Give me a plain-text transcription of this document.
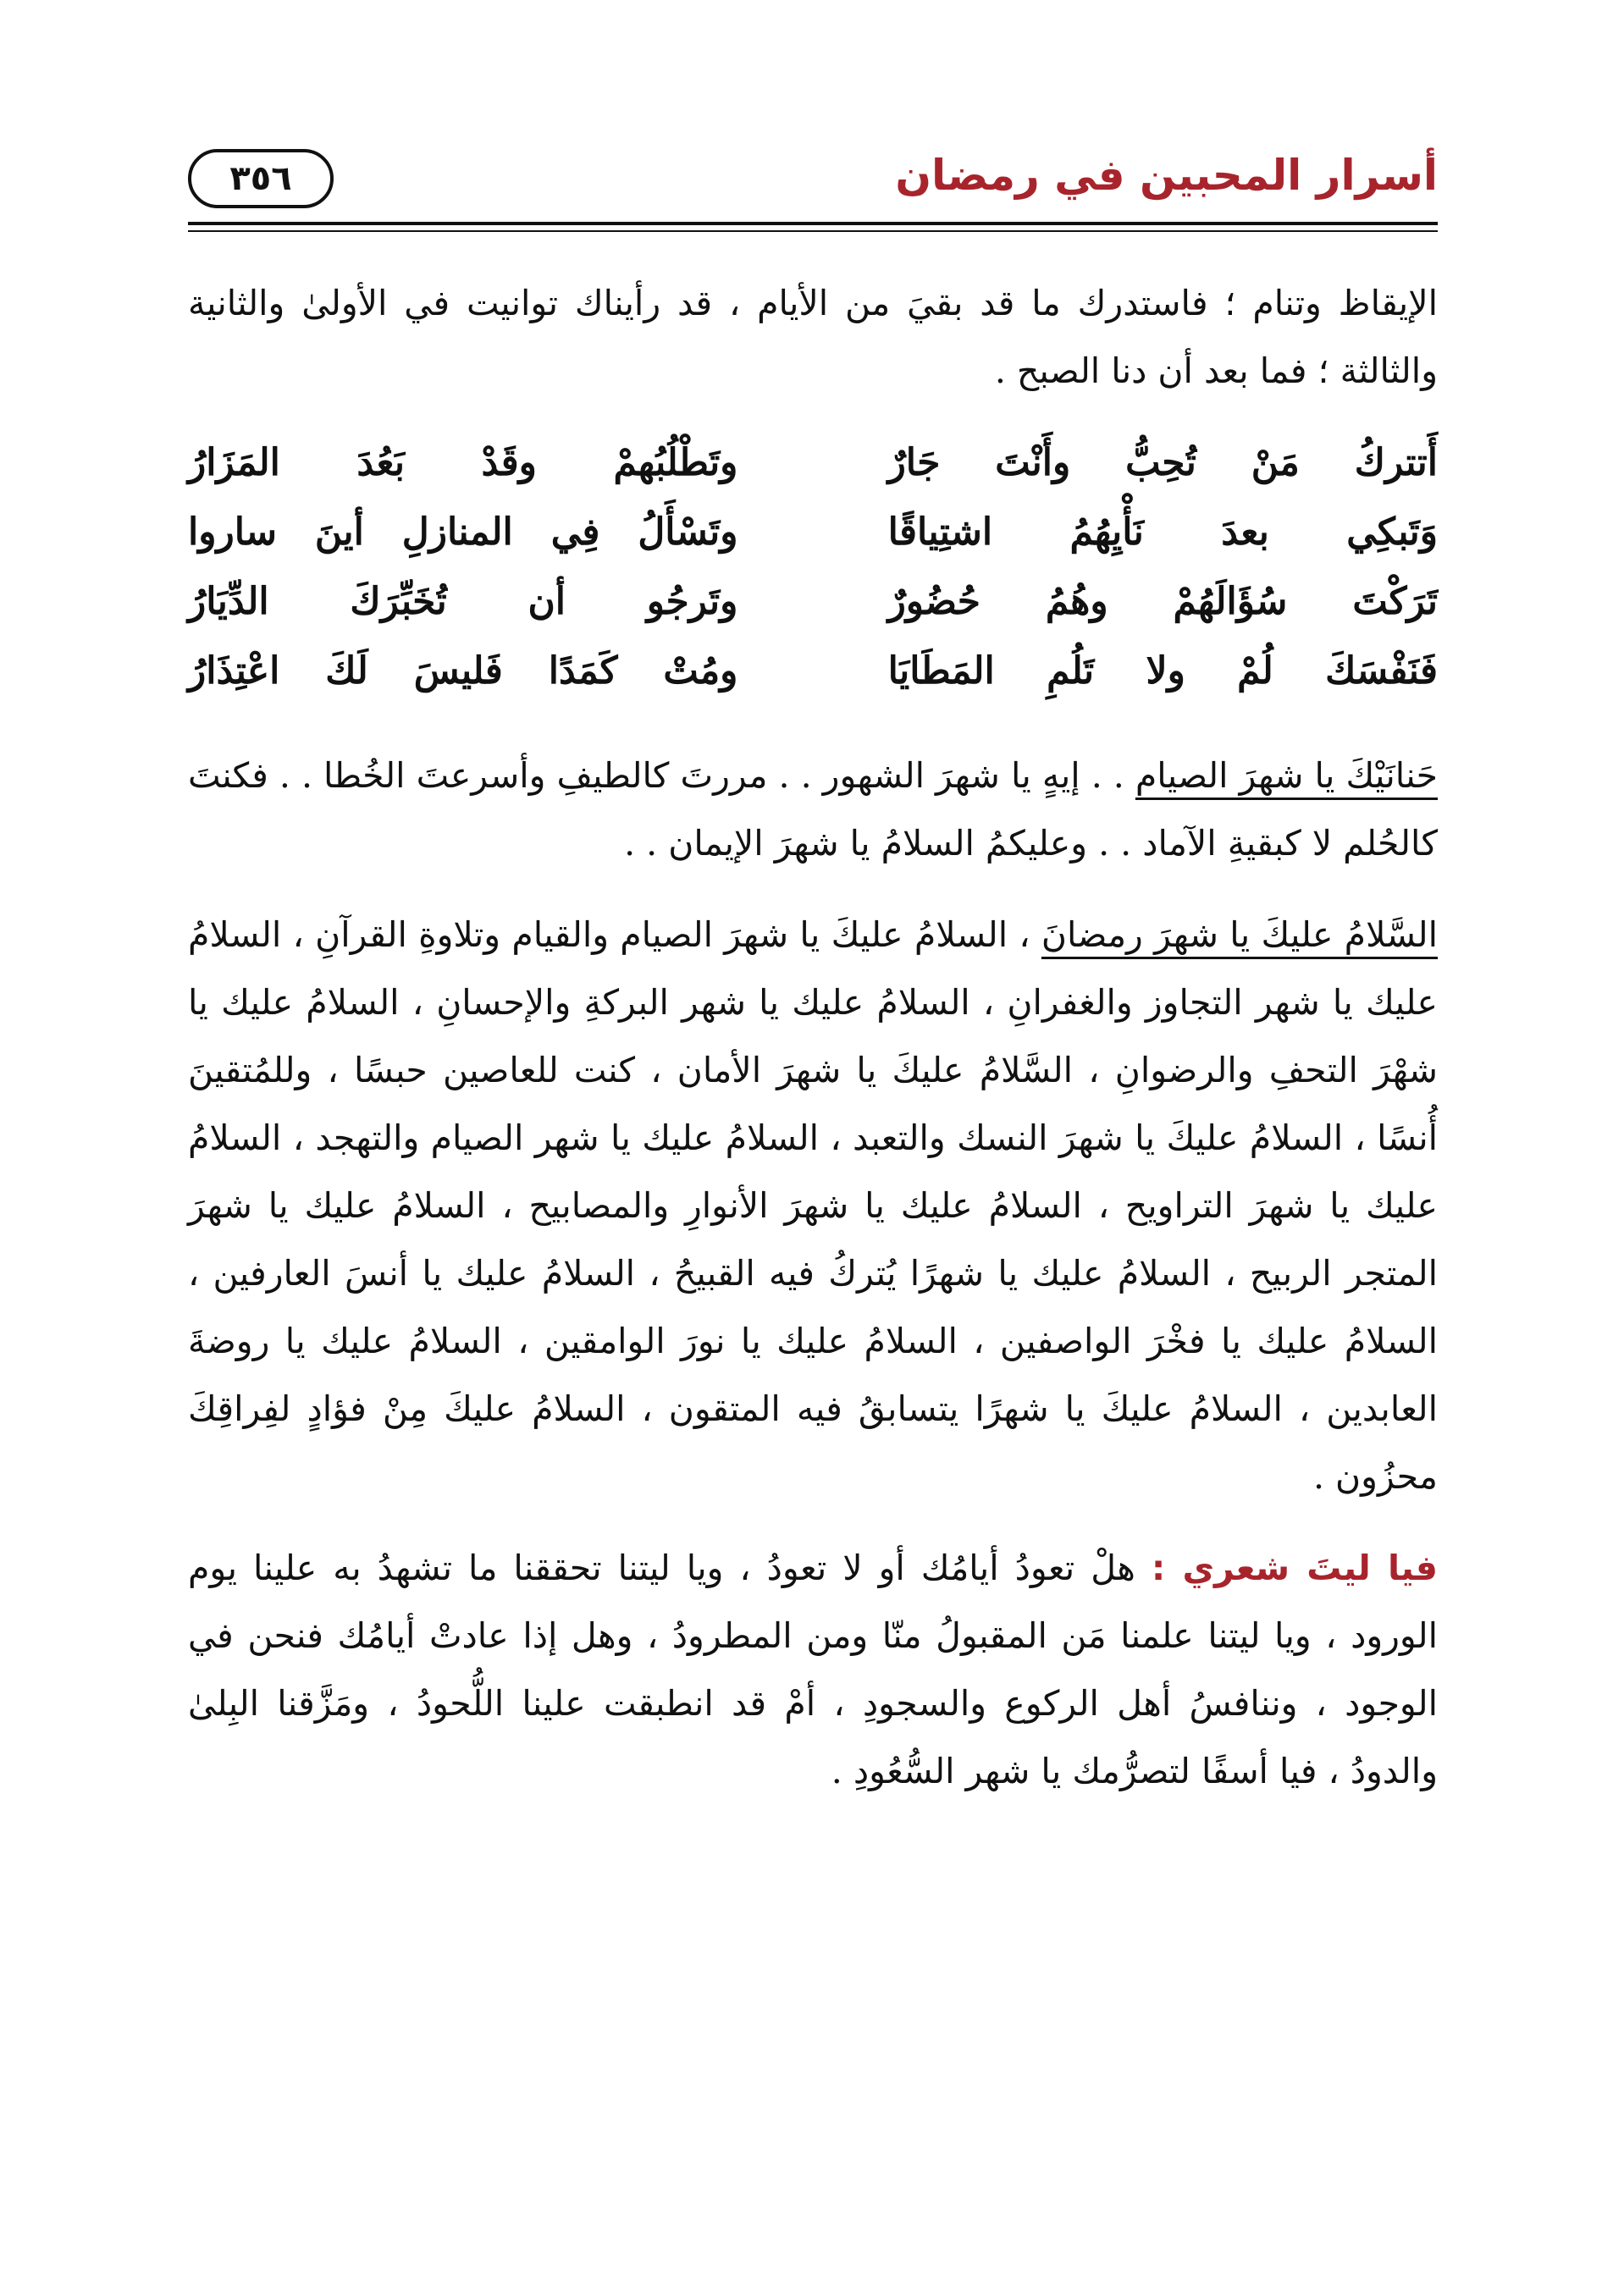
أسرار المحبين في رمضان
٣٥٦

الإيقاظ وتنام ؛ فاستدرك ما قد بقيَ من الأيام ، قد رأيناك توانيت في الأولىٰ والثانية والثالثة ؛ فما بعد أن دنا الصبح .

أَتتركُ مَنْ تُحِبُّ وأَنْتَ جَارٌ
وتَطْلُبُهمْ وقَدْ بَعُدَ المَزَارُ
وَتَبكِي بعدَ نَأْيِهُمُ اشتِياقًا
وتَسْأَلُ فِي المنازلِ أينَ ساروا
تَرَكْتَ سُؤَالَهُمْ وهُمُ حُضُورٌ
وتَرجُو أن تُخَبِّرَكَ الدِّيَارُ
فَنَفْسَكَ لُمْ ولا تَلُمِ المَطَايَا
ومُتْ كَمَدًا فَليسَ لَكَ اعْتِذَارُ

حَنانَيْكَ يا شهرَ الصيام . . إيهٍ يا شهرَ الشهور . . مررتَ كالطيفِ وأسرعتَ الخُطا . . فكنتَ كالحُلم لا كبقيةِ الآماد . . وعليكمُ السلامُ يا شهرَ الإيمان . .

السَّلامُ عليكَ يا شهرَ رمضانَ ، السلامُ عليكَ يا شهرَ الصيام والقيام وتلاوةِ القرآنِ ، السلامُ عليك يا شهر التجاوز والغفرانِ ، السلامُ عليك يا شهر البركةِ والإحسانِ ، السلامُ عليك يا شهْرَ التحفِ والرضوانِ ، السَّلامُ عليكَ يا شهرَ الأمان ، كنت للعاصين حبسًا ، وللمُتقينَ أُنسًا ، السلامُ عليكَ يا شهرَ النسك والتعبد ، السلامُ عليك يا شهر الصيام والتهجد ، السلامُ عليك يا شهرَ التراويح ، السلامُ عليك يا شهرَ الأنوارِ والمصابيح ، السلامُ عليك يا شهرَ المتجر الربيح ، السلامُ عليك يا شهرًا يُتركُ فيه القبيحُ ، السلامُ عليك يا أنسَ العارفين ، السلامُ عليك يا فخْرَ الواصفين ، السلامُ عليك يا نورَ الوامقين ، السلامُ عليك يا روضةَ العابدين ، السلامُ عليكَ يا شهرًا يتسابقُ فيه المتقون ، السلامُ عليكَ مِنْ فؤادٍ لفِراقِكَ محزُون .

فيا ليتَ شعري : هلْ تعودُ أيامُك أو لا تعودُ ، ويا ليتنا تحققنا ما تشهدُ به علينا يوم الورود ، ويا ليتنا علمنا مَن المقبولُ منّا ومن المطرودُ ، وهل إذا عادتْ أيامُك فنحن في الوجود ، وننافسُ أهل الركوع والسجودِ ، أمْ قد انطبقت علينا اللُّحودُ ، ومَزَّقنا البِلىٰ والدودُ ، فيا أسفًا لتصرُّمك يا شهر السُّعُودِ .
